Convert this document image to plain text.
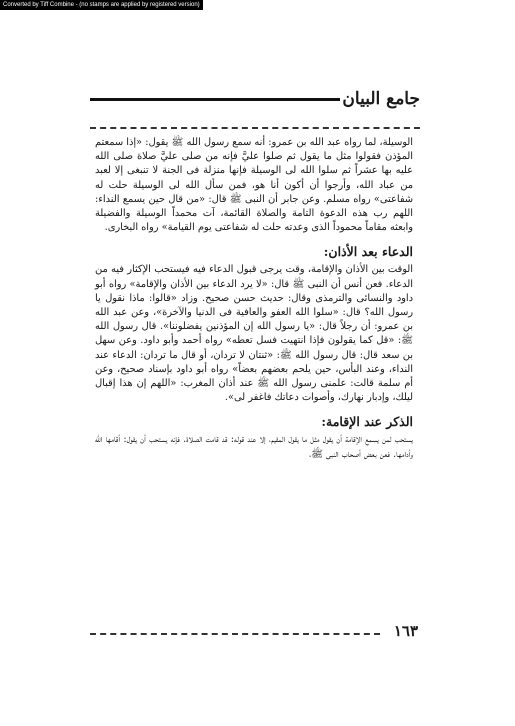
Converted by Tiff Combine - (no stamps are applied by registered version)
جامع البيان

الوسيلة، لما رواه عبد الله بن عمرو: أنه سمع رسول الله ﷺ يقول: «إذا سمعتم المؤذن فقولوا مثل ما يقول ثم صلوا عليَّ فإنه من صلى عليَّ صلاة صلى الله عليه بها عشراً ثم سلوا الله لى الوسيلة فإنها منزلة فى الجنة لا تنبغى إلا لعبد من عباد الله، وأرجوا أن أكون أنا هو، فمن سأل الله لى الوسيلة حلت له شفاعتى» رواه مسلم. وعن جابر أن النبى ﷺ قال: «من قال حين يسمع النداء: اللهم رب هذه الدعوة التامة والصلاة القائمة، آت محمداً الوسيلة والفضيلة وابعثه مقاماً محموداً الذى وعدته حلت له شفاعتى يوم القيامة» رواه البخارى.

الدعاء بعد الأذان:

الوقت بين الأذان والإقامة، وقت يرجى قبول الدعاء فيه فيستحب الإكثار فيه من الدعاء. فعن أنس أن النبى ﷺ قال: «لا يرد الدعاء بين الأذان والإقامة» رواه أبو داود والنسائى والترمذى وقال: حديث حسن صحيح. وزاد «قالوا: ماذا نقول يا رسول الله؟ قال: «سلوا الله العفو والعافية فى الدنيا والآخرة»، وعن عبد الله بن عمرو: أن رجلاً قال: «يا رسول الله إن المؤذنين يفضلوننا». قال رسول الله ﷺ: «قل كما يقولون فإذا انتهيت فسل تعطه» رواه أحمد وأبو داود. وعن سهل بن سعد قال: قال رسول الله ﷺ: «ثنتان لا تردان، أو قال ما تردان: الدعاء عند النداء، وعند البأس، حين يلحم بعضهم بعضاً» رواه أبو داود بإسناد صحيح، وعن أم سلمة قالت: علمنى رسول الله ﷺ عند أذان المغرب: «اللهم إن هذا إقبال ليلك، وإدبار نهارك، وأصوات دعاتك فاغفر لى».

الذكر عند الإقامة:

يستحب لمن يسمع الإقامة أن يقول مثل ما يقول المقيم، إلا عند قوله: قد قامت الصلاة. فإنه يستحب أن يقول: أقامها الله وأدامها. فعن بعض أصحاب النبى ﷺ،

١٦٣
